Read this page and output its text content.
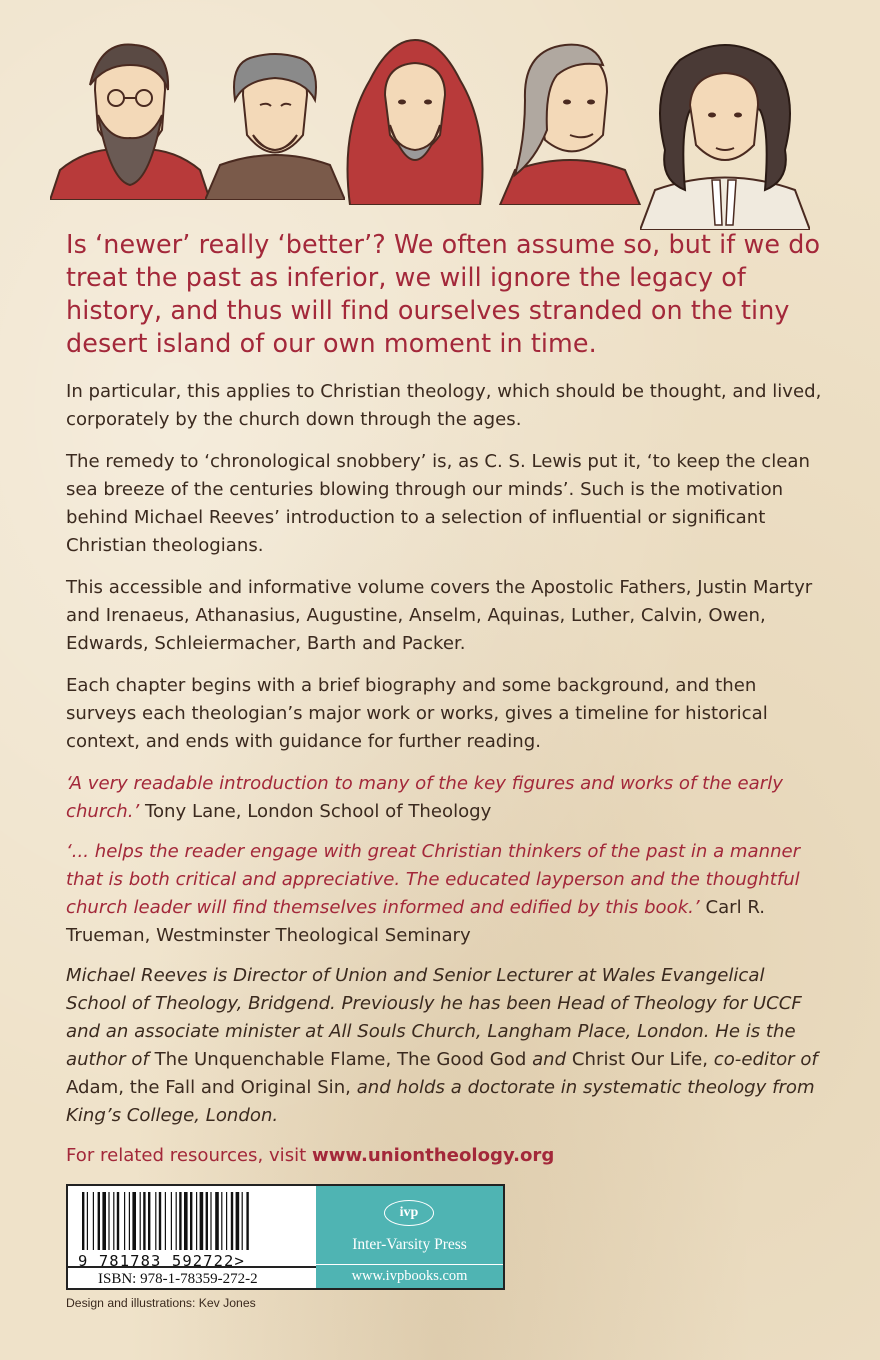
Is ‘newer’ really ‘better’? We often assume so, but if we do treat the past as inferior, we will ignore the legacy of history, and thus will find ourselves stranded on the tiny desert island of our own moment in time.

In particular, this applies to Christian theology, which should be thought, and lived, corporately by the church down through the ages.

The remedy to ‘chronological snobbery’ is, as C. S. Lewis put it, ‘to keep the clean sea breeze of the centuries blowing through our minds’. Such is the motivation behind Michael Reeves’ introduction to a selection of influential or significant Christian theologians.

This accessible and informative volume covers the Apostolic Fathers, Justin Martyr and Irenaeus, Athanasius, Augustine, Anselm, Aquinas, Luther, Calvin, Owen, Edwards, Schleiermacher, Barth and Packer.

Each chapter begins with a brief biography and some background, and then surveys each theologian’s major work or works, gives a timeline for historical context, and ends with guidance for further reading.

‘A very readable introduction to many of the key figures and works of the early church.’ Tony Lane, London School of Theology

‘... helps the reader engage with great Christian thinkers of the past in a manner that is both critical and appreciative. The educated layperson and the thoughtful church leader will find themselves informed and edified by this book.’ Carl R. Trueman, Westminster Theological Seminary

Michael Reeves is Director of Union and Senior Lecturer at Wales Evangelical School of Theology, Bridgend. Previously he has been Head of Theology for UCCF and an associate minister at All Souls Church, Langham Place, London. He is the author of The Unquenchable Flame, The Good God and Christ Our Life, co-editor of Adam, the Fall and Original Sin, and holds a doctorate in systematic theology from King’s College, London.

For related resources, visit www.uniontheology.org

9 781783 592722>
ISBN: 978-1-78359-272-2
ivp
Inter-Varsity Press
www.ivpbooks.com
Design and illustrations: Kev Jones
